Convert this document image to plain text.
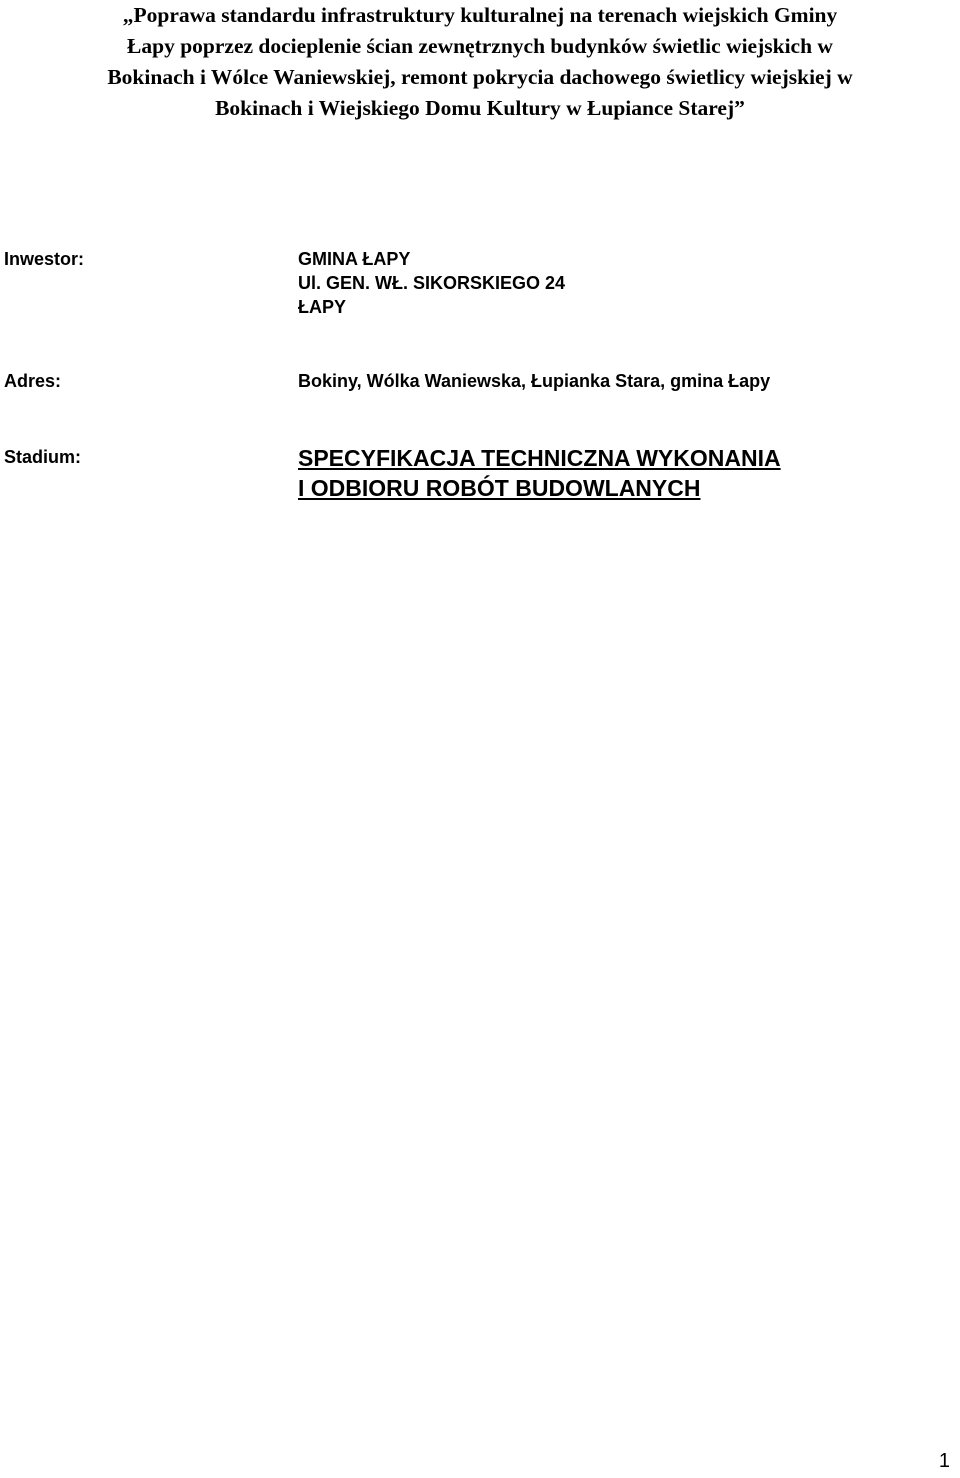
„Poprawa standardu infrastruktury kulturalnej na terenach wiejskich Gminy
Łapy poprzez docieplenie ścian zewnętrznych budynków świetlic wiejskich w
Bokinach i Wólce Waniewskiej, remont pokrycia dachowego świetlicy wiejskiej w
Bokinach i Wiejskiego Domu Kultury w Łupiance Starej”
Inwestor:	GMINA ŁAPY
Ul. GEN. WŁ. SIKORSKIEGO 24
ŁAPY
Adres:	Bokiny, Wólka Waniewska, Łupianka Stara, gmina Łapy
Stadium:	SPECYFIKACJA TECHNICZNA WYKONANIA
I ODBIORU ROBÓT BUDOWLANYCH
1
